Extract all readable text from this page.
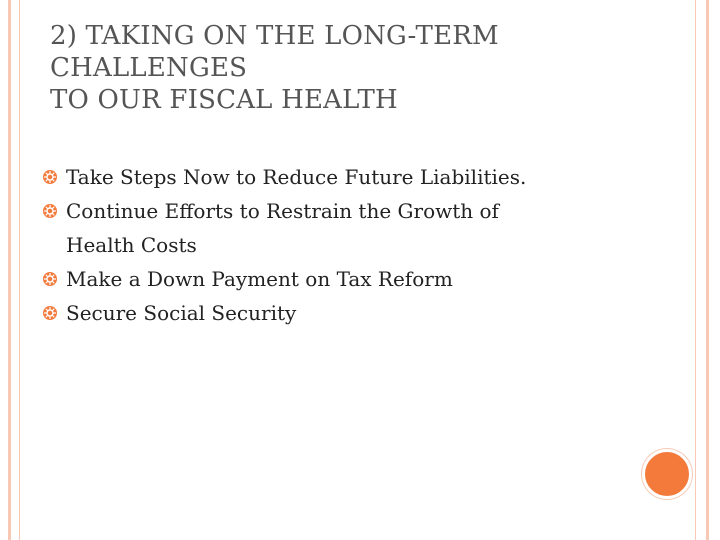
2) TAKING ON THE LONG-TERM
CHALLENGES
TO OUR FISCAL HEALTH
Take Steps Now to Reduce Future Liabilities.
Continue Efforts to Restrain the Growth of
Health Costs
Make a Down Payment on Tax Reform
Secure Social Security
